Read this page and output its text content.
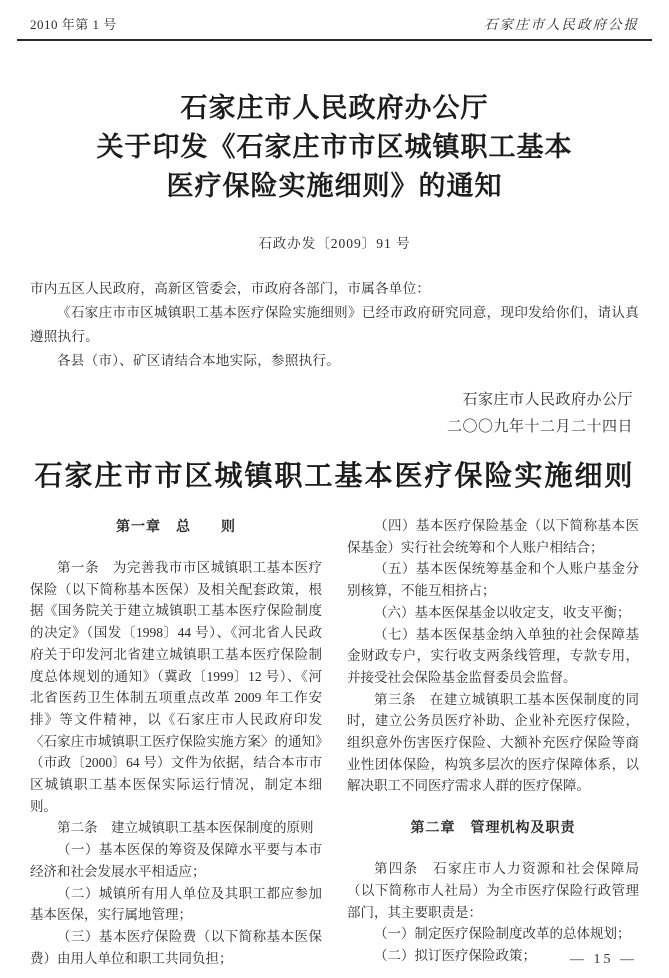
2010 年第 1 号	石家庄市人民政府公报
石家庄市人民政府办公厅
关于印发《石家庄市市区城镇职工基本
医疗保险实施细则》的通知
石政办发〔2009〕91 号

市内五区人民政府，高新区管委会，市政府各部门，市属各单位：

《石家庄市市区城镇职工基本医疗保险实施细则》已经市政府研究同意，现印发给你们，请认真遵照执行。

各县（市）、矿区请结合本地实际，参照执行。

石家庄市人民政府办公厅
二〇〇九年十二月二十四日
石家庄市市区城镇职工基本医疗保险实施细则
第一章　总　　则

第一条　为完善我市市区城镇职工基本医疗保险（以下简称基本医保）及相关配套政策，根据《国务院关于建立城镇职工基本医疗保险制度的决定》（国发〔1998〕44 号）、《河北省人民政府关于印发河北省建立城镇职工基本医疗保险制度总体规划的通知》（冀政〔1999〕12 号）、《河北省医药卫生体制五项重点改革 2009 年工作安排》等文件精神，以《石家庄市人民政府印发〈石家庄市城镇职工医疗保险实施方案〉的通知》（市政〔2000〕64 号）文件为依据，结合本市市区城镇职工基本医保实际运行情况，制定本细则。

第二条　建立城镇职工基本医保制度的原则

（一）基本医保的筹资及保障水平要与本市经济和社会发展水平相适应；

（二）城镇所有用人单位及其职工都应参加基本医保，实行属地管理；

（三）基本医疗保险费（以下简称基本医保费）由用人单位和职工共同负担；

（四）基本医疗保险基金（以下简称基本医保基金）实行社会统筹和个人账户相结合；

（五）基本医保统筹基金和个人账户基金分别核算，不能互相挤占；

（六）基本医保基金以收定支，收支平衡；

（七）基本医保基金纳入单独的社会保障基金财政专户，实行收支两条线管理，专款专用，并接受社会保险基金监督委员会监督。

第三条　在建立城镇职工基本医保制度的同时，建立公务员医疗补助、企业补充医疗保险，组织意外伤害医疗保险、大额补充医疗保险等商业性团体保险，构筑多层次的医疗保障体系，以解决职工不同医疗需求人群的医疗保障。

第二章　管理机构及职责

第四条　石家庄市人力资源和社会保障局（以下简称市人社局）为全市医疗保险行政管理部门，其主要职责是：

（一）制定医疗保险制度改革的总体规划；

（二）拟订医疗保险政策；	— 15 —
